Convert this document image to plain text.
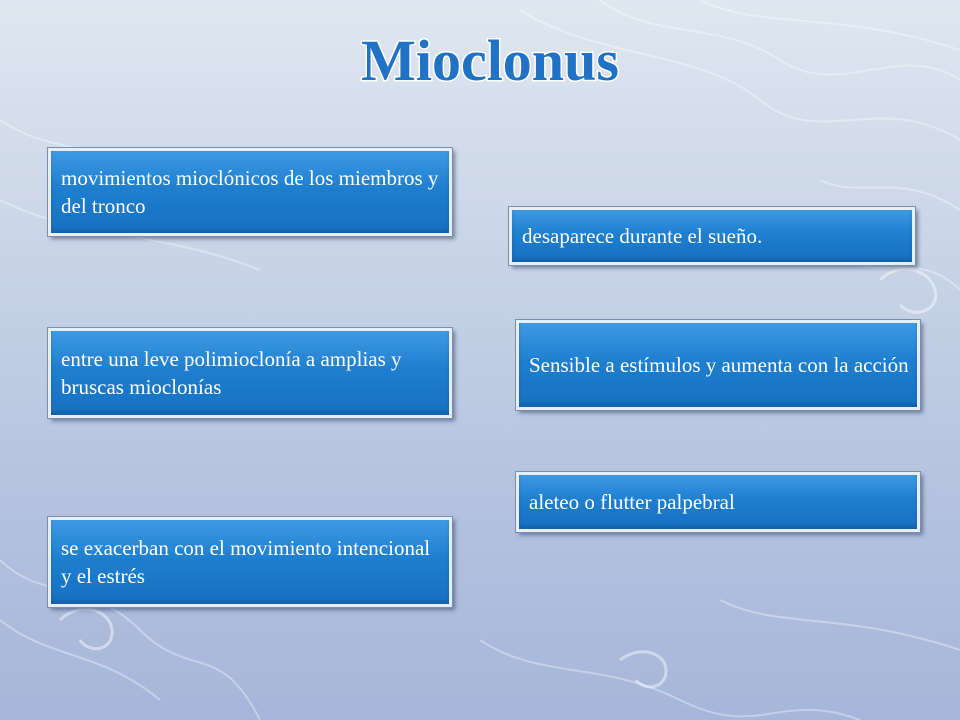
Mioclonus
movimientos mioclónicos de los miembros y del tronco
entre una leve polimioclonía a amplias y bruscas mioclonías
se exacerban con el movimiento intencional y el estrés
desaparece durante el sueño.
Sensible a estímulos y aumenta con la acción
aleteo o flutter palpebral
